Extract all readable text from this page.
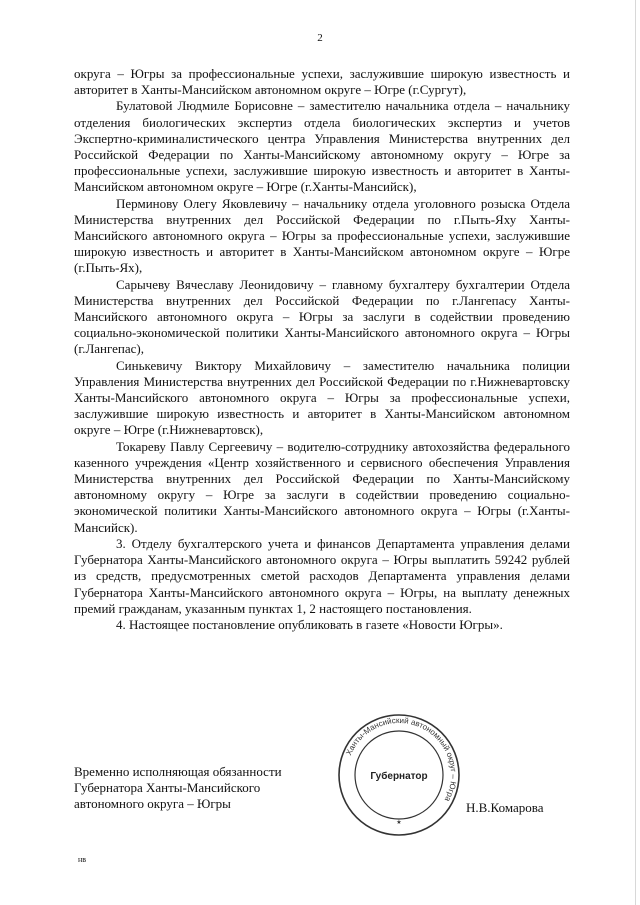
2

округа – Югры за профессиональные успехи, заслужившие широкую известность и авторитет в Ханты-Мансийском автономном округе – Югре (г.Сургут),

Булатовой Людмиле Борисовне – заместителю начальника отдела – начальнику отделения биологических экспертиз отдела биологических экспертиз и учетов Экспертно-криминалистического центра Управления Министерства внутренних дел Российской Федерации по Ханты-Мансийскому автономному округу – Югре за профессиональные успехи, заслужившие широкую известность и авторитет в Ханты-Мансийском автономном округе – Югре (г.Ханты-Мансийск),

Перминову Олегу Яковлевичу – начальнику отдела уголовного розыска Отдела Министерства внутренних дел Российской Федерации по г.Пыть-Яху Ханты-Мансийского автономного округа – Югры за профессиональные успехи, заслужившие широкую известность и авторитет в Ханты-Мансийском автономном округе – Югре (г.Пыть-Ях),

Сарычеву Вячеславу Леонидовичу – главному бухгалтеру бухгалтерии Отдела Министерства внутренних дел Российской Федерации по г.Лангепасу Ханты-Мансийского автономного округа – Югры за заслуги в содействии проведению социально-экономической политики Ханты-Мансийского автономного округа – Югры (г.Лангепас),

Синькевичу Виктору Михайловичу – заместителю начальника полиции Управления Министерства внутренних дел Российской Федерации по г.Нижневартовску Ханты-Мансийского автономного округа – Югры за профессиональные успехи, заслужившие широкую известность и авторитет в Ханты-Мансийском автономном округе – Югре (г.Нижневартовск),

Токареву Павлу Сергеевичу – водителю-сотруднику автохозяйства федерального казенного учреждения «Центр хозяйственного и сервисного обеспечения Управления Министерства внутренних дел Российской Федерации по Ханты-Мансийскому автономному округу – Югре за заслуги в содействии проведению социально-экономической политики Ханты-Мансийского автономного округа – Югры (г.Ханты-Мансийск).

3. Отделу бухгалтерского учета и финансов Департамента управления делами Губернатора Ханты-Мансийского автономного округа – Югры выплатить 59242 рублей из средств, предусмотренных сметой расходов Департамента управления делами Губернатора Ханты-Мансийского автономного округа – Югры, на выплату денежных премий гражданам, указанным пунктах 1, 2 настоящего постановления.

4. Настоящее постановление опубликовать в газете «Новости Югры».

Временно исполняющая обязанности
Губернатора Ханты-Мансийского
автономного округа – Югры	Н.В.Комарова
Ханты-Мансийский автономный округ – Югра
Губернатор
★
нв
